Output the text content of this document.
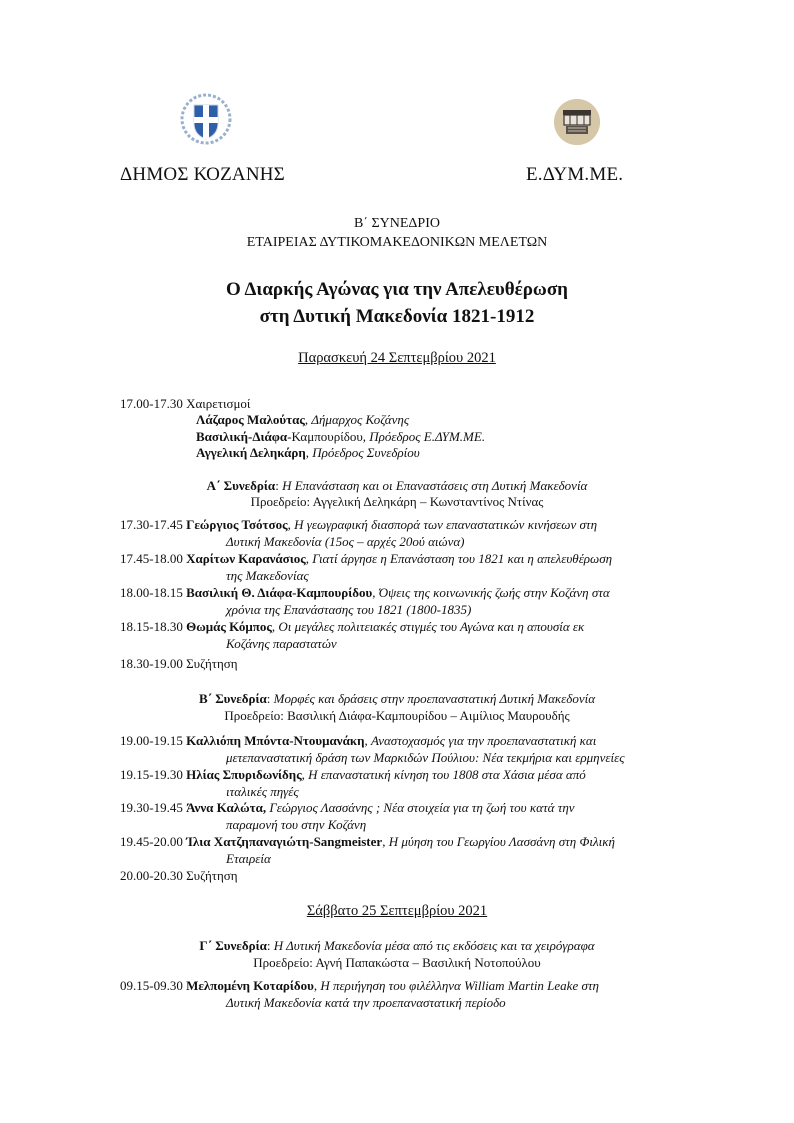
ΔΗΜΟΣ ΚΟΖΑΝΗΣ	Ε.ΔΥΜ.ΜΕ.
Β΄ ΣΥΝΕΔΡΙΟ
ΕΤΑΙΡΕΙΑΣ ΔΥΤΙΚΟΜΑΚΕΔΟΝΙΚΩΝ ΜΕΛΕΤΩΝ
Ο Διαρκής Αγώνας για την Απελευθέρωση
στη Δυτική Μακεδονία 1821-1912
Παρασκευή 24 Σεπτεμβρίου 2021
17.00-17.30 Χαιρετισμοί
Λάζαρος Μαλούτας, Δήμαρχος Κοζάνης
Βασιλική-Διάφα-Καμπουρίδου, Πρόεδρος Ε.ΔΥΜ.ΜΕ.
Αγγελική Δεληκάρη, Πρόεδρος Συνεδρίου
Α΄ Συνεδρία: Η Επανάσταση και οι Επαναστάσεις στη Δυτική Μακεδονία
Προεδρείο: Αγγελική Δεληκάρη – Κωνσταντίνος Ντίνας
17.30-17.45 Γεώργιος Τσότσος, Η γεωγραφική διασπορά των επαναστατικών κινήσεων στη
Δυτική Μακεδονία (15ος – αρχές 20ού αιώνα)
17.45-18.00 Χαρίτων Καρανάσιος, Γιατί άργησε η Επανάσταση του 1821 και η απελευθέρωση
της Μακεδονίας
18.00-18.15 Βασιλική Θ. Διάφα-Καμπουρίδου, Όψεις της κοινωνικής ζωής στην Κοζάνη στα
χρόνια της Επανάστασης του 1821 (1800-1835)
18.15-18.30 Θωμάς Κόμπος, Οι μεγάλες πολιτειακές στιγμές του Αγώνα και η απουσία εκ
Κοζάνης παραστατών
18.30-19.00 Συζήτηση
Β΄ Συνεδρία: Μορφές και δράσεις στην προεπαναστατική Δυτική Μακεδονία
Προεδρείο: Βασιλική Διάφα-Καμπουρίδου – Αιμίλιος Μαυρουδής
19.00-19.15 Καλλιόπη Μπόντα-Ντουμανάκη, Αναστοχασμός για την προεπαναστατική και
μετεπαναστατική δράση των Μαρκιδών Πούλιου: Νέα τεκμήρια και ερμηνείες
19.15-19.30 Ηλίας Σπυριδωνίδης, Η επαναστατική κίνηση του 1808 στα Χάσια μέσα από
ιταλικές πηγές
19.30-19.45 Άννα Καλώτα, Γεώργιος Λασσάνης ; Νέα στοιχεία για τη ζωή του κατά την
παραμονή του στην Κοζάνη
19.45-20.00 Ίλια Χατζηπαναγιώτη-Sangmeister, Η μύηση του Γεωργίου Λασσάνη στη Φιλική
Εταιρεία
20.00-20.30 Συζήτηση
Σάββατο 25 Σεπτεμβρίου 2021
Γ΄ Συνεδρία: Η Δυτική Μακεδονία μέσα από τις εκδόσεις και τα χειρόγραφα
Προεδρείο: Αγνή Παπακώστα – Βασιλική Νοτοπούλου
09.15-09.30 Μελπομένη Κοταρίδου, Η περιήγηση του φιλέλληνα William Martin Leake στη
Δυτική Μακεδονία κατά την προεπαναστατική περίοδο
